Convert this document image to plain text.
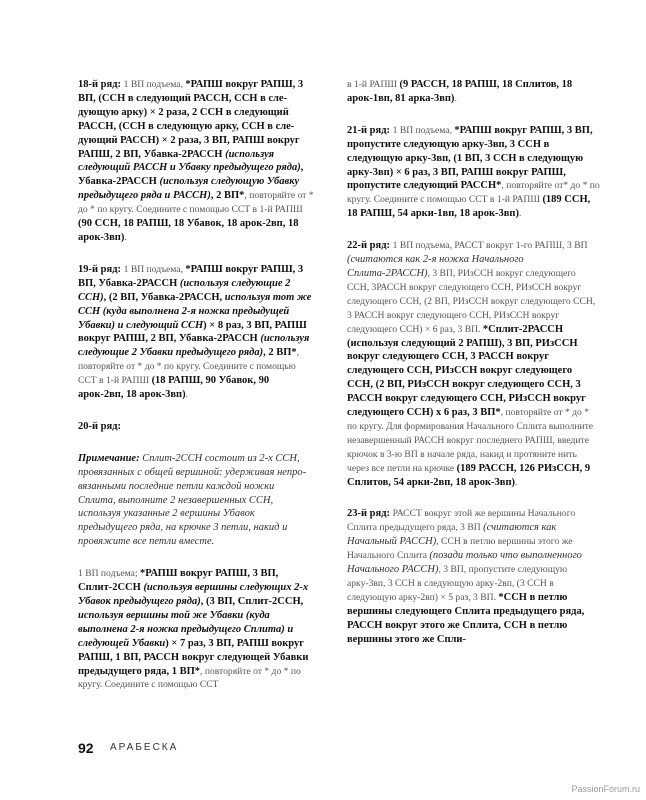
18-й ряд: 1 ВП подъема, *РАПШ вокруг РАПШ, 3 ВП, (ССН в следующий РАССН, ССН в следующую арку) × 2 раза, 2 ССН в следующий РАССН, (ССН в следующую арку, ССН в следующий РАССН) × 2 раза, 3 ВП, РАПШ вокруг РАПШ, 2 ВП, Убавка-2РАССН (используя следующий РАССН и Убавку предыдущего ряда), Убавка-2РАССН (используя следующую Убавку предыдущего ряда и РАССН), 2 ВП*, повторяйте от * до * по кругу. Соедините с помощью ССТ в 1-й РАПШ (90 ССН, 18 РАПШ, 18 Убавок, 18 арок-2вп, 18 арок-3вп).

19-й ряд: 1 ВП подъема, *РАПШ вокруг РАПШ, 3 ВП, Убавка-2РАССН (используя следующие 2 ССН), (2 ВП, Убавка-2РАССН, используя тот же ССН (куда выполнена 2-я ножка предыдущей Убавки) и следующий ССН) × 8 раз, 3 ВП, РАПШ вокруг РАПШ, 2 ВП, Убавка-2РАССН (используя следующие 2 Убавки предыдущего ряда), 2 ВП*, повторяйте от * до * по кругу. Соедините с помощью ССТ в 1-й РАПШ (18 РАПШ, 90 Убавок, 90 арок-2вп, 18 арок-3вп).

20-й ряд:

Примечание: Сплит-2ССН состоит из 2-х ССН, провязанных с общей вершиной: удерживая непровязанными последние петли каждой ножки Сплита, выполните 2 незавершенных ССН, используя указанные 2 вершины Убавок предыдущего ряда, на крючке 3 петли, накид и провяжите все петли вместе.

1 ВП подъема; *РАПШ вокруг РАПШ, 3 ВП, Сплит-2ССН (используя вершины следующих 2-х Убавок предыдущего ряда), (3 ВП, Сплит-2ССН, используя вершины той же Убавки (куда выполнена 2-я ножка предыдущего Сплита) и следующей Убавки) × 7 раз, 3 ВП, РАПШ вокруг РАПШ, 1 ВП, РАССН вокруг следующей Убавки предыдущего ряда, 1 ВП*, повторяйте от * до * по кругу. Соедините с помощью ССТ

в 1-й РАПШ (9 РАССН, 18 РАПШ, 18 Сплитов, 18 арок-1вп, 81 арка-3вп).

21-й ряд: 1 ВП подъема, *РАПШ вокруг РАПШ, 3 ВП, пропустите следующую арку-3вп, 3 ССН в следующую арку-3вп, (1 ВП, 3 ССН в следующую арку-3вп) × 6 раз, 3 ВП, РАПШ вокруг РАПШ, пропустите следующий РАССН*, повторяйте от* до * по кругу. Соедините с помощью ССТ в 1-й РАПШ (189 ССН, 18 РАПШ, 54 арки-1вп, 18 арок-3вп).

22-й ряд: 1 ВП подъема, РАССТ вокруг 1-го РАПШ, 3 ВП (считаются как 2-я ножка Начального Сплита-2РАССН), 3 ВП, РИзССН вокруг следующего ССН, 3РАССН вокруг следующего ССН, РИзССН вокруг следующего ССН, (2 ВП, РИзССН вокруг следующего ССН, 3 РАССН вокруг следующего ССН, РИзССН вокруг следующего ССН) × 6 раз, 3 ВП. *Сплит-2РАССН (используя следующий 2 РАПШ), 3 ВП, РИзССН вокруг следующего ССН, 3 РАССН вокруг следующего ССН, РИзССН вокруг следующего ССН, (2 ВП, РИзССН вокруг следующего ССН, 3 РАССН вокруг следующего ССН, РИзССН вокруг следующего ССН) х 6 раз, 3 ВП*, повторяйте от * до * по кругу. Для формирования Начального Сплита выполните незавершенный РАССН вокруг последнего РАПШ, введите крючок в 3-ю ВП в начале ряда, накид и протяните нить через все петли на крючке (189 РАССН, 126 РИзССН, 9 Сплитов, 54 арки-2вп, 18 арок-3вп).

23-й ряд: РАССТ вокруг этой же вершины Начального Сплита предыдущего ряда, 3 ВП (считаются как Начальный РАССН), ССН в петлю вершины этого же Начального Сплита (позади только что выполненного Начального РАССН), 3 ВП, пропустите следующую арку-3вп, 3 ССН в следующую арку-2вп, (3 ССН в следующую арку-2вп) × 5 раз, 3 ВП. *ССН в петлю вершины следующего Сплита предыдущего ряда, РАССН вокруг этого же Сплита, ССН в петлю вершины этого же Спли-

92 АРАБЕСКА
PassionForum.ru
